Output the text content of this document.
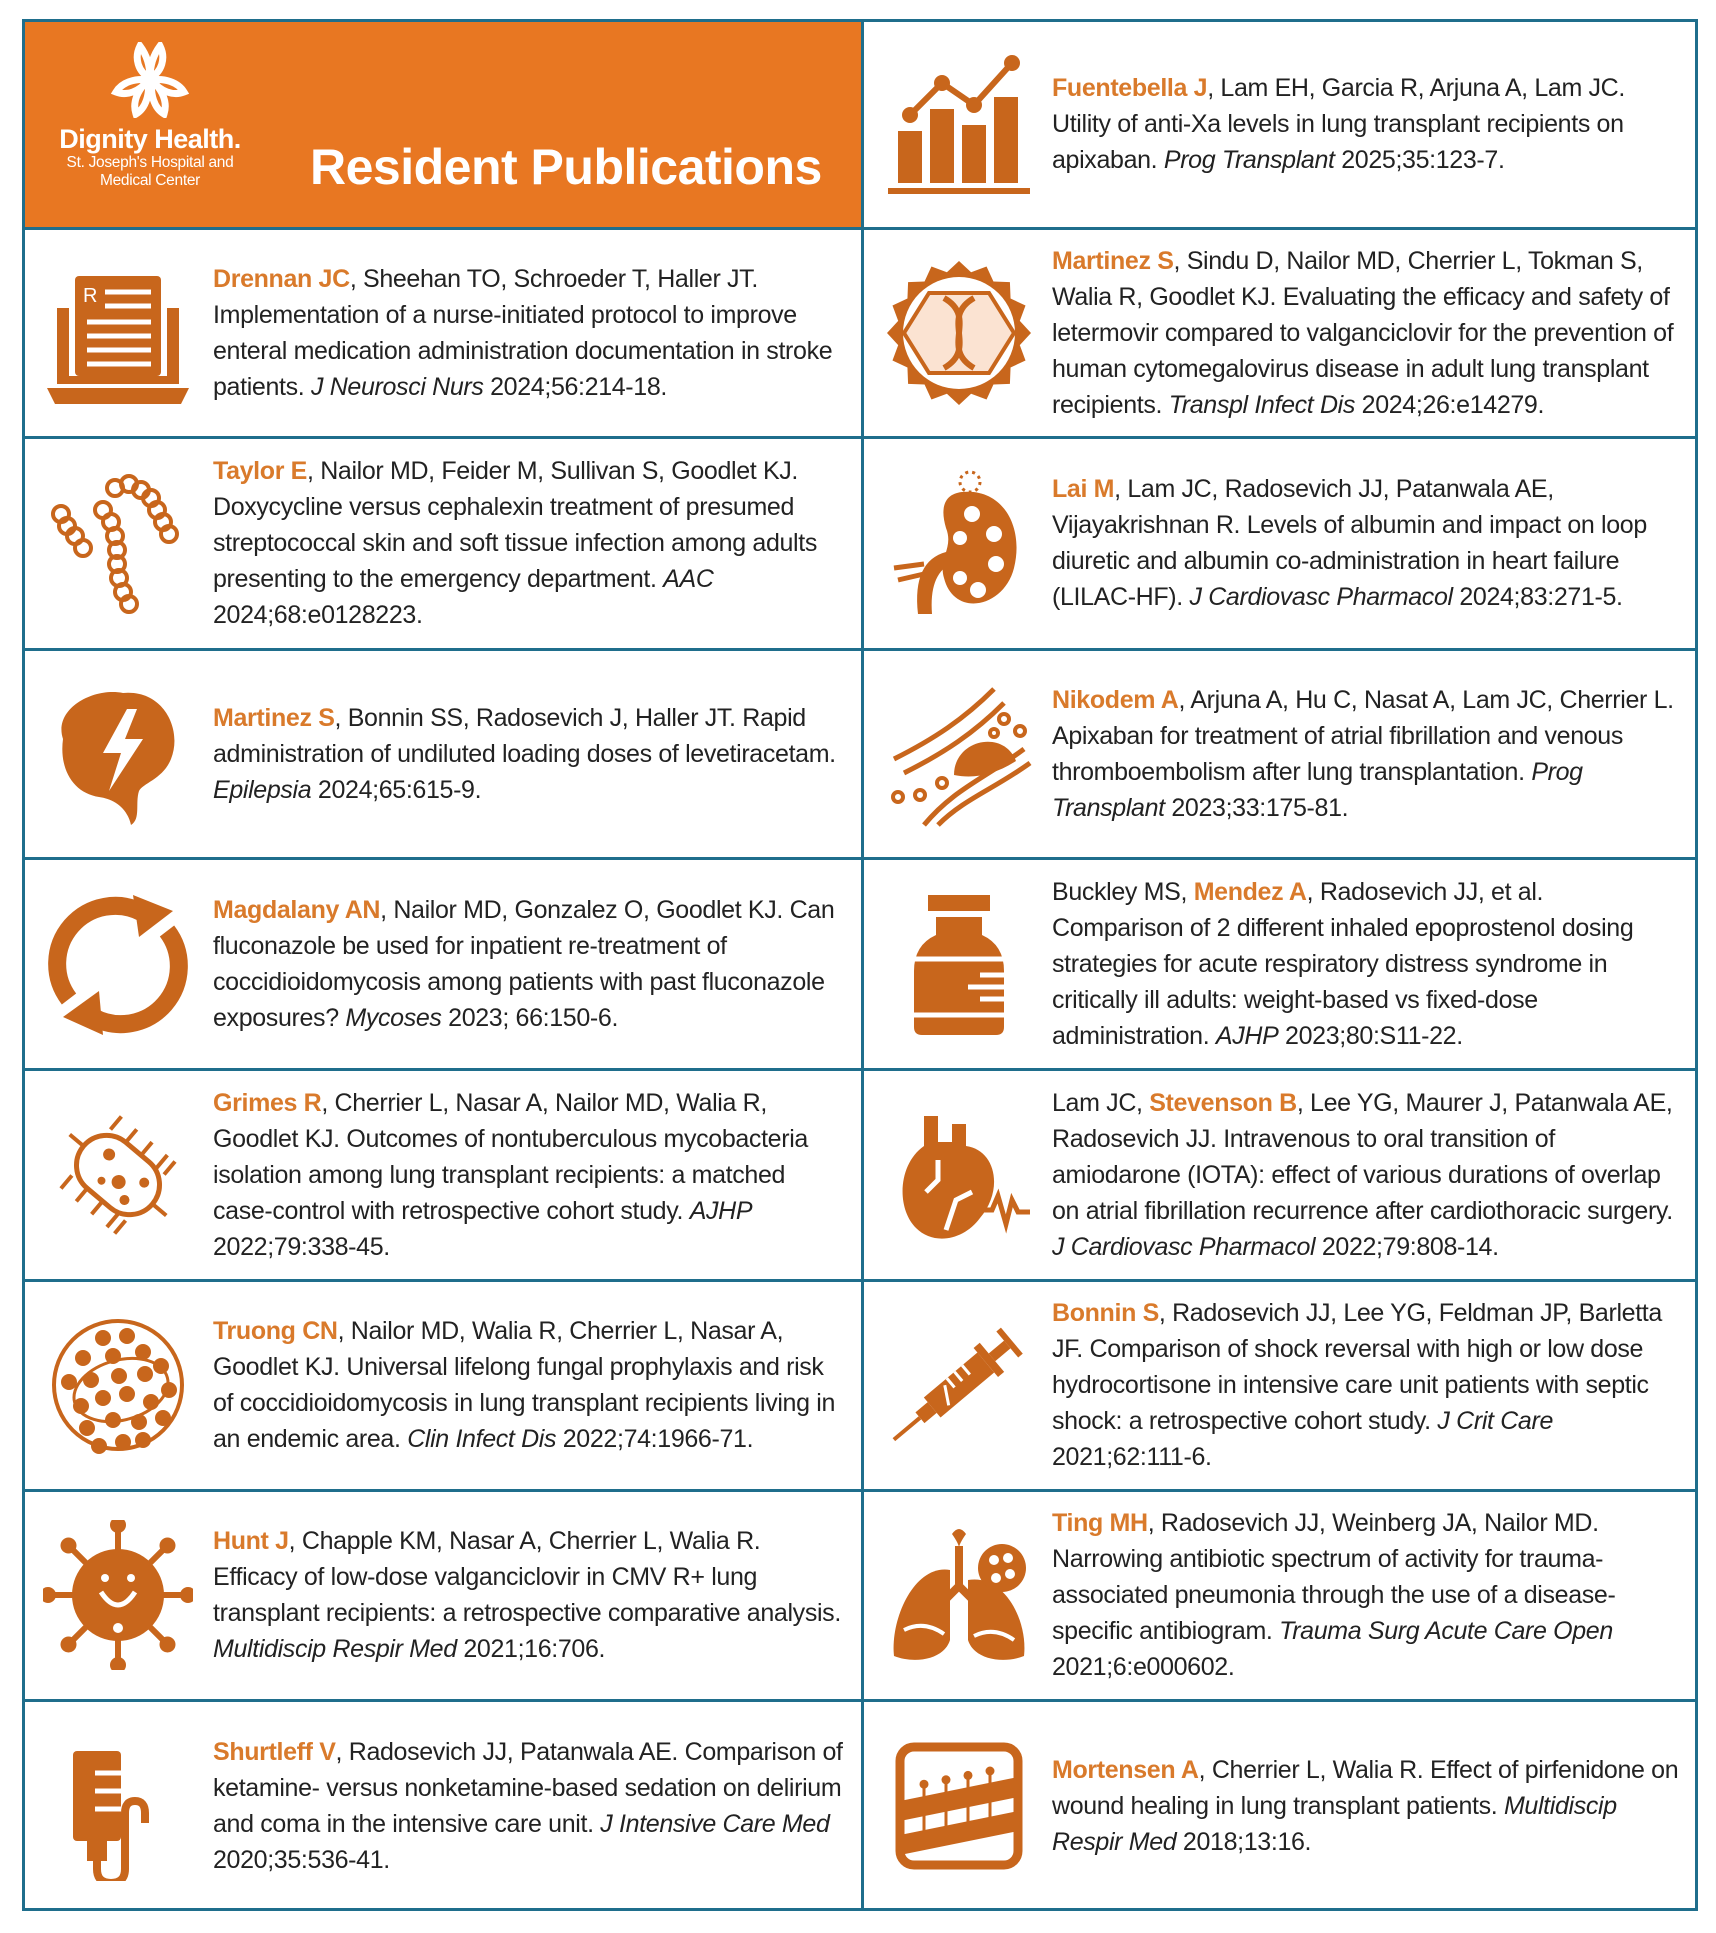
Dignity Health.
St. Joseph's Hospital and
Medical Center	Resident Publications
R
Drennan JC, Sheehan TO, Schroeder T, Haller JT. Implementation of a nurse-initiated protocol to improve enteral medication administration documentation in stroke patients. J Neurosci Nurs 2024;56:214-18.
Taylor E, Nailor MD, Feider M, Sullivan S, Goodlet KJ. Doxycycline versus cephalexin treatment of presumed streptococcal skin and soft tissue infection among adults presenting to the emergency department. AAC 2024;68:e0128223.
Martinez S, Bonnin SS, Radosevich J, Haller JT. Rapid administration of undiluted loading doses of levetiracetam. Epilepsia 2024;65:615-9.
Magdalany AN, Nailor MD, Gonzalez O, Goodlet KJ. Can fluconazole be used for inpatient re-treatment of coccidioidomycosis among patients with past fluconazole exposures? Mycoses 2023; 66:150-6.
Grimes R, Cherrier L, Nasar A, Nailor MD, Walia R, Goodlet KJ. Outcomes of nontuberculous mycobacteria isolation among lung transplant recipients: a matched case-control with retrospective cohort study. AJHP 2022;79:338-45.
Truong CN, Nailor MD, Walia R, Cherrier L, Nasar A, Goodlet KJ. Universal lifelong fungal prophylaxis and risk of coccidioidomycosis in lung transplant recipients living in an endemic area. Clin Infect Dis 2022;74:1966-71.
Hunt J, Chapple KM, Nasar A, Cherrier L, Walia R. Efficacy of low-dose valganciclovir in CMV R+ lung transplant recipients: a retrospective comparative analysis. Multidiscip Respir Med 2021;16:706.
Shurtleff V, Radosevich JJ, Patanwala AE. Comparison of ketamine- versus nonketamine-based sedation on delirium and coma in the intensive care unit. J Intensive Care Med 2020;35:536-41.
Fuentebella J, Lam EH, Garcia R, Arjuna A, Lam JC. Utility of anti-Xa levels in lung transplant recipients on apixaban. Prog Transplant 2025;35:123-7.
Martinez S, Sindu D, Nailor MD, Cherrier L, Tokman S, Walia R, Goodlet KJ. Evaluating the efficacy and safety of letermovir compared to valganciclovir for the prevention of human cytomegalovirus disease in adult lung transplant recipients. Transpl Infect Dis 2024;26:e14279.
Lai M, Lam JC, Radosevich JJ, Patanwala AE, Vijayakrishnan R. Levels of albumin and impact on loop diuretic and albumin co-administration in heart failure (LILAC-HF). J Cardiovasc Pharmacol 2024;83:271-5.
Nikodem A, Arjuna A, Hu C, Nasat A, Lam JC, Cherrier L. Apixaban for treatment of atrial fibrillation and venous thromboembolism after lung transplantation. Prog Transplant 2023;33:175-81.
Buckley MS, Mendez A, Radosevich JJ, et al. Comparison of 2 different inhaled epoprostenol dosing strategies for acute respiratory distress syndrome in critically ill adults: weight-based vs fixed-dose administration. AJHP 2023;80:S11-22.
Lam JC, Stevenson B, Lee YG, Maurer J, Patanwala AE, Radosevich JJ. Intravenous to oral transition of amiodarone (IOTA): effect of various durations of overlap on atrial fibrillation recurrence after cardiothoracic surgery. J Cardiovasc Pharmacol 2022;79:808-14.
Bonnin S, Radosevich JJ, Lee YG, Feldman JP, Barletta JF. Comparison of shock reversal with high or low dose hydrocortisone in intensive care unit patients with septic shock: a retrospective cohort study. J Crit Care 2021;62:111-6.
Ting MH, Radosevich JJ, Weinberg JA, Nailor MD. Narrowing antibiotic spectrum of activity for trauma-associated pneumonia through the use of a disease-specific antibiogram. Trauma Surg Acute Care Open 2021;6:e000602.
Mortensen A, Cherrier L, Walia R. Effect of pirfenidone on wound healing in lung transplant patients. Multidiscip Respir Med 2018;13:16.
